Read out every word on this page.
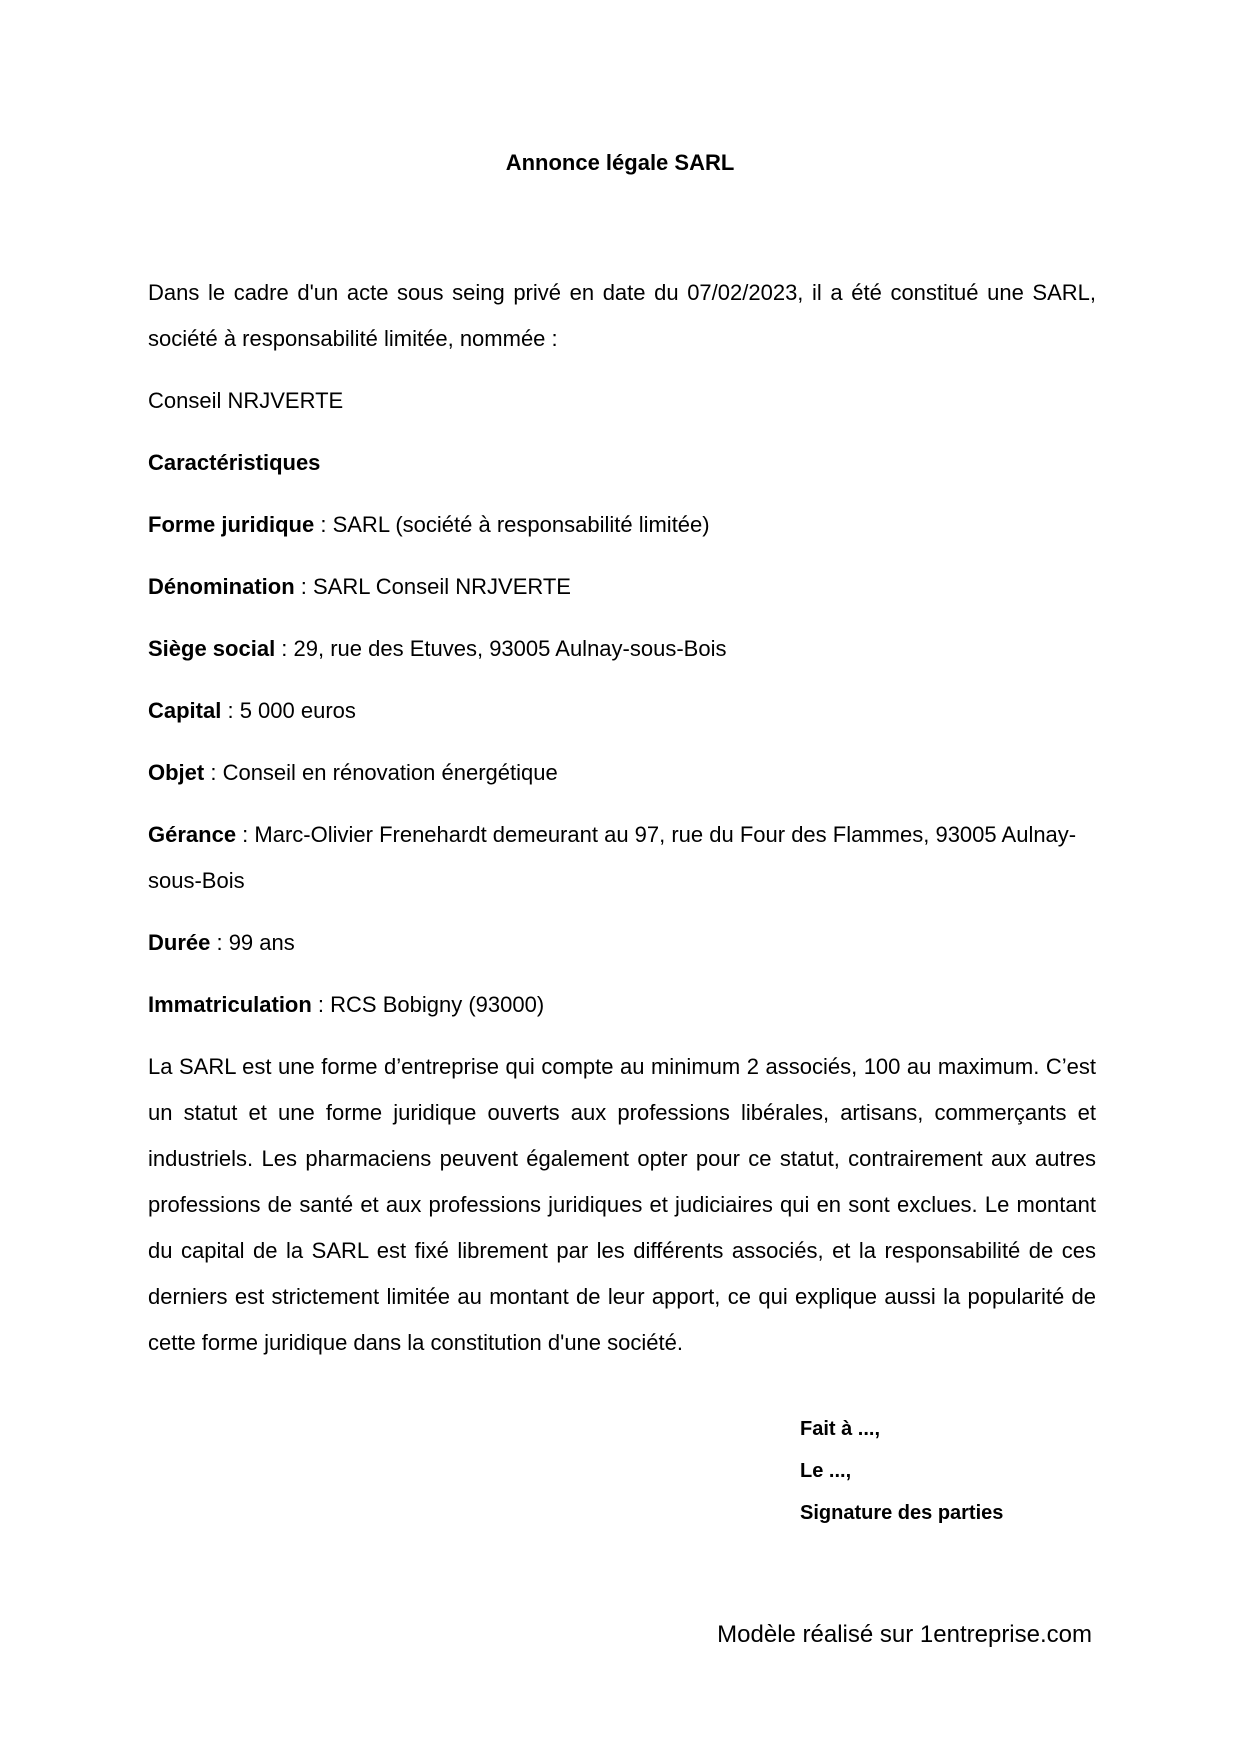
Annonce légale SARL

Dans le cadre d'un acte sous seing privé en date du 07/02/2023, il a été constitué une SARL, société à responsabilité limitée, nommée :

Conseil NRJVERTE

Caractéristiques

Forme juridique : SARL (société à responsabilité limitée)

Dénomination : SARL Conseil NRJVERTE

Siège social : 29, rue des Etuves, 93005 Aulnay-sous-Bois

Capital : 5 000 euros

Objet : Conseil en rénovation énergétique

Gérance : Marc-Olivier Frenehardt demeurant au 97, rue du Four des Flammes, 93005 Aulnay-sous-Bois

Durée : 99 ans

Immatriculation : RCS Bobigny (93000)

La SARL est une forme d’entreprise qui compte au minimum 2 associés, 100 au maximum. C’est un statut et une forme juridique ouverts aux professions libérales, artisans, commerçants et industriels. Les pharmaciens peuvent également opter pour ce statut, contrairement aux autres professions de santé et aux professions juridiques et judiciaires qui en sont exclues. Le montant du capital de la SARL est fixé librement par les différents associés, et la responsabilité de ces derniers est strictement limitée au montant de leur apport, ce qui explique aussi la popularité de cette forme juridique dans la constitution d'une société.

Fait à ...,
Le ...,
Signature des parties
Modèle réalisé sur 1entreprise.com
